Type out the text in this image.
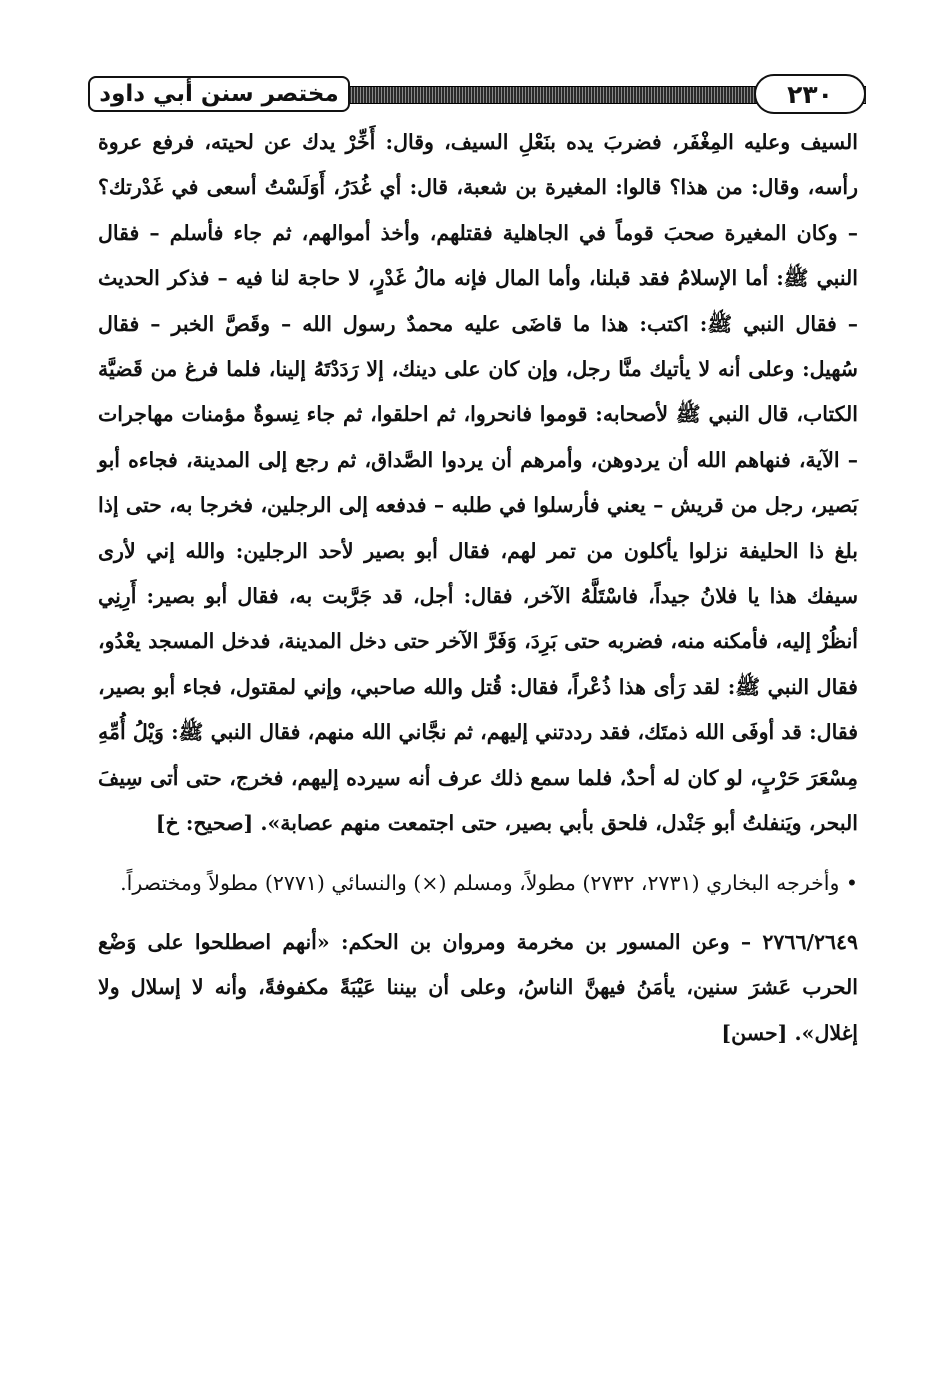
مختصر سنن أبي داود	٢٣٠

السيف وعليه المِغْفَر، فضربَ يده بنَعْلِ السيف، وقال: أَخِّرْ يدك عن لحيته، فرفع عروة رأسه، وقال: من هذا؟ قالوا: المغيرة بن شعبة، قال: أي غُدَرُ، أَوَلَسْتُ أسعى في غَدْرتك؟ – وكان المغيرة صحبَ قوماً في الجاهلية فقتلهم، وأخذ أموالهم، ثم جاء فأسلم – فقال النبي ﷺ: أما الإسلامُ فقد قبلنا، وأما المال فإنه مالُ غَدْرٍ، لا حاجة لنا فيه – فذكر الحديث – فقال النبي ﷺ: اكتب: هذا ما قاضَى عليه محمدٌ رسول الله – وقَصَّ الخبر – فقال سُهيل: وعلى أنه لا يأتيك منَّا رجل، وإن كان على دينك، إلا رَدَدْتَهُ إلينا، فلما فرغ من قَضيَّة الكتاب، قال النبي ﷺ لأصحابه: قوموا فانحروا، ثم احلقوا، ثم جاء نِسوةٌ مؤمنات مهاجرات – الآية، فنهاهم الله أن يردوهن، وأمرهم أن يردوا الصَّداق، ثم رجع إلى المدينة، فجاءه أبو بَصير، رجل من قريش – يعني فأرسلوا في طلبه – فدفعه إلى الرجلين، فخرجا به، حتى إذا بلغ ذا الحليفة نزلوا يأكلون من تمر لهم، فقال أبو بصير لأحد الرجلين: والله إني لأرى سيفك هذا يا فلانُ جيداً، فاسْتَلَّهُ الآخر، فقال: أجل، قد جَرَّبت به، فقال أبو بصير: أَرِنِي أنظُرْ إليه، فأمكنه منه، فضربه حتى بَرِدَ، وَفَرَّ الآخر حتى دخل المدينة، فدخل المسجد يعْدُو، فقال النبي ﷺ: لقد رَأى هذا ذُعْراً، فقال: قُتل والله صاحبي، وإني لمقتول، فجاء أبو بصير، فقال: قد أوفَى الله ذمتَك، فقد رددتني إليهم، ثم نجَّاني الله منهم، فقال النبي ﷺ: وَيْلُ أُمِّهِ مِسْعَرَ حَرْبٍ، لو كان له أحدٌ، فلما سمع ذلك عرف أنه سيرده إليهم، فخرج، حتى أتى سِيفَ البحر، ويَنفلتُ أبو جَنْدل، فلحق بأبي بصير، حتى اجتمعت منهم عصابة». [صحيح: خ]

• وأخرجه البخاري (٢٧٣١، ٢٧٣٢) مطولاً، ومسلم (×) والنسائي (٢٧٧١) مطولاً ومختصراً.

٢٧٦٦/٢٦٤٩ – وعن المسور بن مخرمة ومروان بن الحكم: «أنهم اصطلحوا على وَضْع الحرب عَشرَ سنين، يأمَنُ فيهنَّ الناسُ، وعلى أن بيننا عَيْبَةً مكفوفةً، وأنه لا إسلال ولا إغلال». [حسن]
